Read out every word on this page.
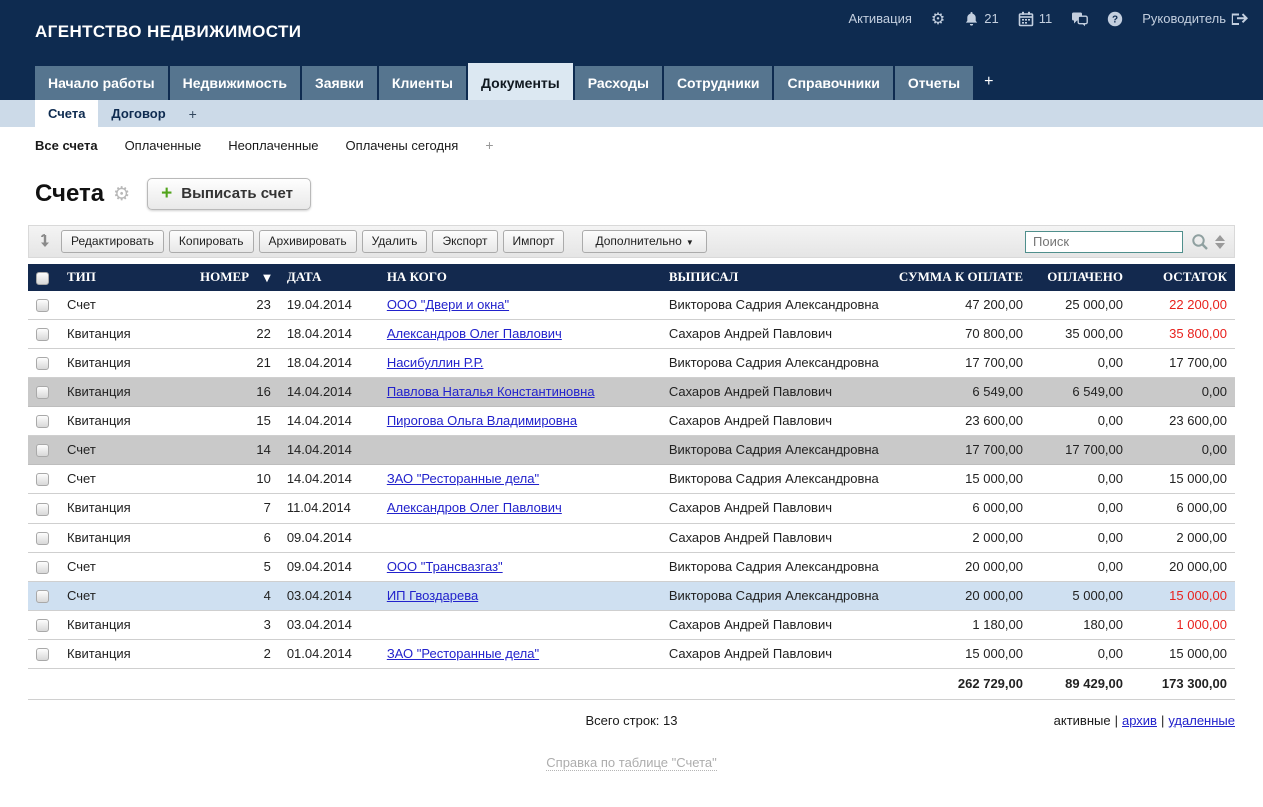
АГЕНТСТВО НЕДВИЖИМОСТИ
Активация ⚙	21	11	? Руководитель
Начало работы	Недвижимость	Заявки	Клиенты	Документы	Расходы	Сотрудники	Справочники	Отчеты	+
Счета	Договор	+
Все счета Оплаченные Неоплаченные Оплачены сегодня +
Счета ⚙ + Выписать счет
Редактировать	Копировать	Архивировать	Удалить	Экспорт	Импорт	Дополнительно ▼
Поиск
	ТИП	НОМЕР ▼	ДАТА	НА КОГО	ВЫПИСАЛ	СУММА К ОПЛАТЕ	ОПЛАЧЕНО	ОСТАТОК
	Счет	23	19.04.2014	ООО "Двери и окна"	Викторова Садрия Александровна	47 200,00	25 000,00	22 200,00
	Квитанция	22	18.04.2014	Александров Олег Павлович	Сахаров Андрей Павлович	70 800,00	35 000,00	35 800,00
	Квитанция	21	18.04.2014	Насибуллин Р.Р.	Викторова Садрия Александровна	17 700,00	0,00	17 700,00
	Квитанция	16	14.04.2014	Павлова Наталья Константиновна	Сахаров Андрей Павлович	6 549,00	6 549,00	0,00
	Квитанция	15	14.04.2014	Пирогова Ольга Владимировна	Сахаров Андрей Павлович	23 600,00	0,00	23 600,00
	Счет	14	14.04.2014		Викторова Садрия Александровна	17 700,00	17 700,00	0,00
	Счет	10	14.04.2014	ЗАО "Ресторанные дела"	Викторова Садрия Александровна	15 000,00	0,00	15 000,00
	Квитанция	7	11.04.2014	Александров Олег Павлович	Сахаров Андрей Павлович	6 000,00	0,00	6 000,00
	Квитанция	6	09.04.2014		Сахаров Андрей Павлович	2 000,00	0,00	2 000,00
	Счет	5	09.04.2014	ООО "Трансвазгаз"	Викторова Садрия Александровна	20 000,00	0,00	20 000,00
	Счет	4	03.04.2014	ИП Гвоздарева	Викторова Садрия Александровна	20 000,00	5 000,00	15 000,00
	Квитанция	3	03.04.2014		Сахаров Андрей Павлович	1 180,00	180,00	1 000,00
	Квитанция	2	01.04.2014	ЗАО "Ресторанные дела"	Сахаров Андрей Павлович	15 000,00	0,00	15 000,00
						262 729,00	89 429,00	173 300,00
Всего строк: 13	активные | архив | удаленные
Справка по таблице "Счета"
